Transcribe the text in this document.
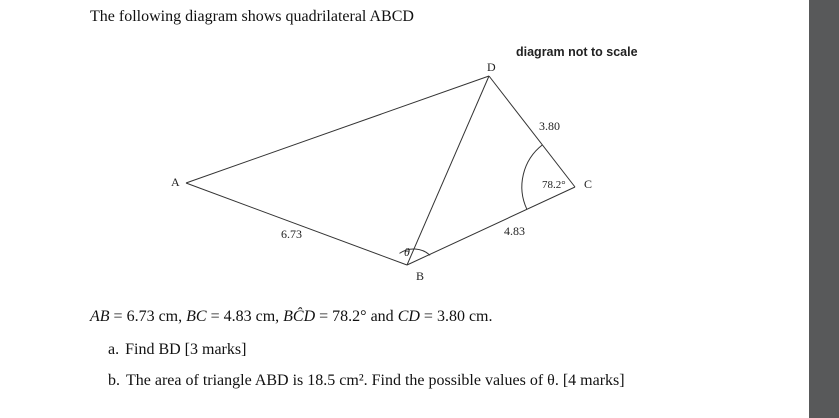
The following diagram shows quadrilateral ABCD
diagram not to scale
A
B
C
D
6.73	4.83
3.80
78.2°
θ
AB = 6.73 cm, BC = 4.83 cm, BĈD = 78.2° and CD = 3.80 cm.
a. Find BD [3 marks]
b. The area of triangle ABD is 18.5 cm². Find the possible values of θ. [4 marks]
